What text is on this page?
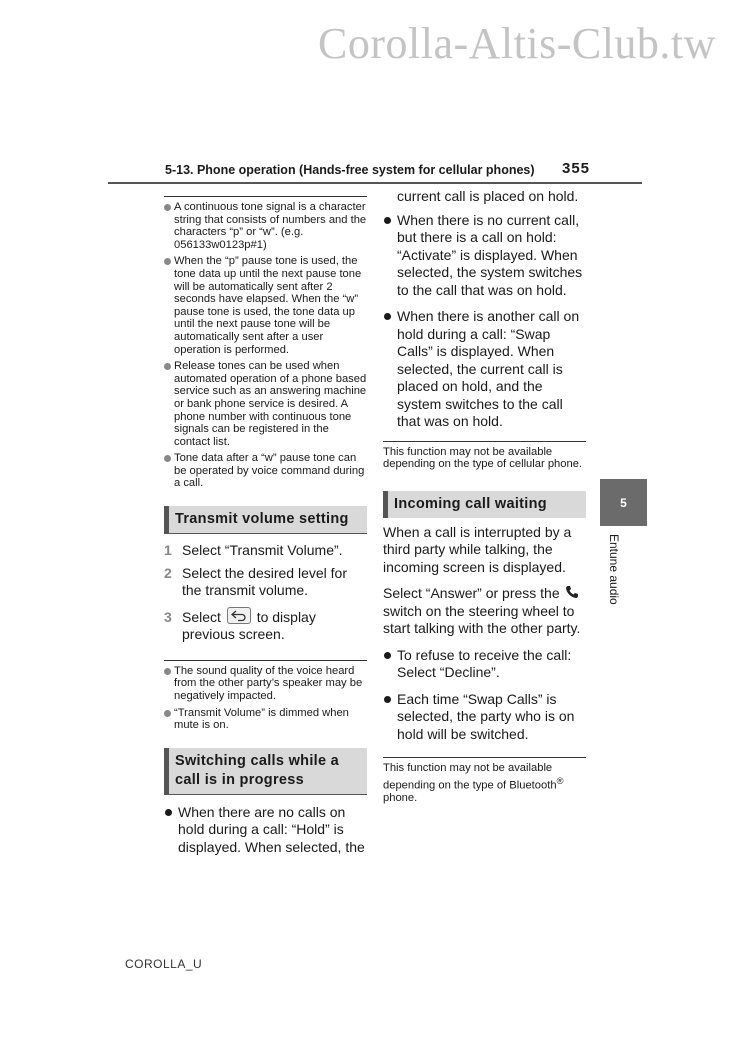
Corolla-Altis-Club.tw
5-13. Phone operation (Hands-free system for cellular phones) 355
A continuous tone signal is a character string that consists of numbers and the characters “p” or “w”. (e.g. 056133w0123p#1)
When the “p” pause tone is used, the tone data up until the next pause tone will be automatically sent after 2 seconds have elapsed. When the “w” pause tone is used, the tone data up until the next pause tone will be automatically sent after a user operation is performed.
Release tones can be used when automated operation of a phone based service such as an answering machine or bank phone service is desired. A phone number with continuous tone signals can be registered in the contact list.
Tone data after a “w” pause tone can be operated by voice command during a call.
Transmit volume setting
1 Select “Transmit Volume”.
2 Select the desired level for the transmit volume.
3 Select	to display previous screen.
The sound quality of the voice heard from the other party’s speaker may be negatively impacted.
“Transmit Volume” is dimmed when mute is on.
Switching calls while a call is in progress
When there are no calls on hold during a call: “Hold” is displayed. When selected, the
current call is placed on hold.
When there is no current call, but there is a call on hold: “Activate” is displayed. When selected, the system switches to the call that was on hold.
When there is another call on hold during a call: “Swap Calls” is displayed. When selected, the current call is placed on hold, and the system switches to the call that was on hold.
This function may not be available depending on the type of cellular phone.
Incoming call waiting
When a call is interrupted by a third party while talking, the incoming screen is displayed.
Select “Answer” or press the  switch on the steering wheel to start talking with the other party.
To refuse to receive the call: Select “Decline”.
Each time “Swap Calls” is selected, the party who is on hold will be switched.
This function may not be available depending on the type of Bluetooth® phone.
5
Entune audio
COROLLA_U
